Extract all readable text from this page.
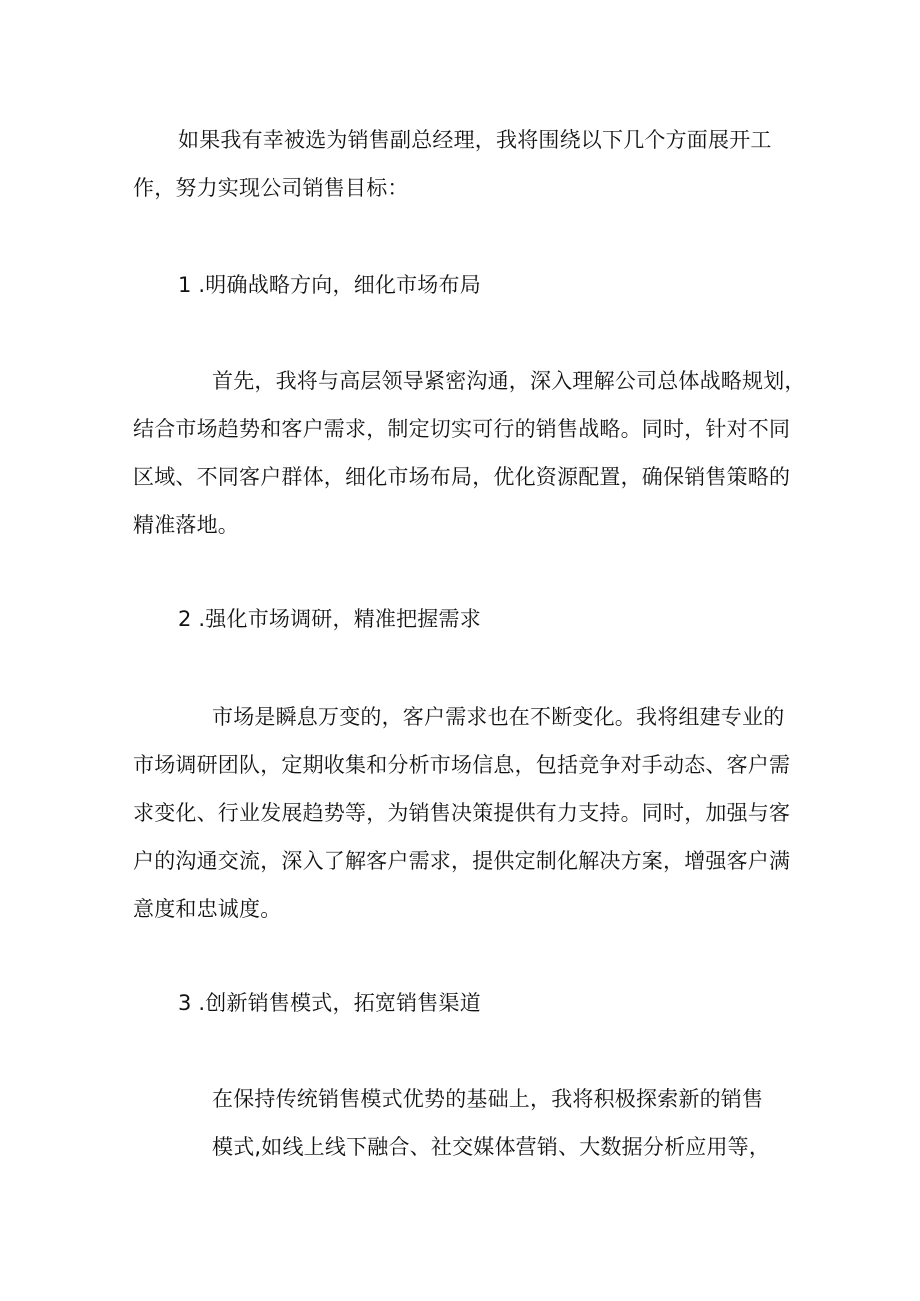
如果我有幸被选为销售副总经理，我将围绕以下几个方面展开工
作，努力实现公司销售目标：
1 .明确战略方向，细化市场布局
首先，我将与高层领导紧密沟通，深入理解公司总体战略规划，
结合市场趋势和客户需求，制定切实可行的销售战略。同时，针对不同
区域、不同客户群体，细化市场布局，优化资源配置，确保销售策略的
精准落地。
2 .强化市场调研，精准把握需求
市场是瞬息万变的，客户需求也在不断变化。我将组建专业的
市场调研团队，定期收集和分析市场信息，包括竞争对手动态、客户需
求变化、行业发展趋势等，为销售决策提供有力支持。同时，加强与客
户的沟通交流，深入了解客户需求，提供定制化解决方案，增强客户满
意度和忠诚度。
3 .创新销售模式，拓宽销售渠道
在保持传统销售模式优势的基础上，我将积极探索新的销售
模式,如线上线下融合、社交媒体营销、大数据分析应用等，
